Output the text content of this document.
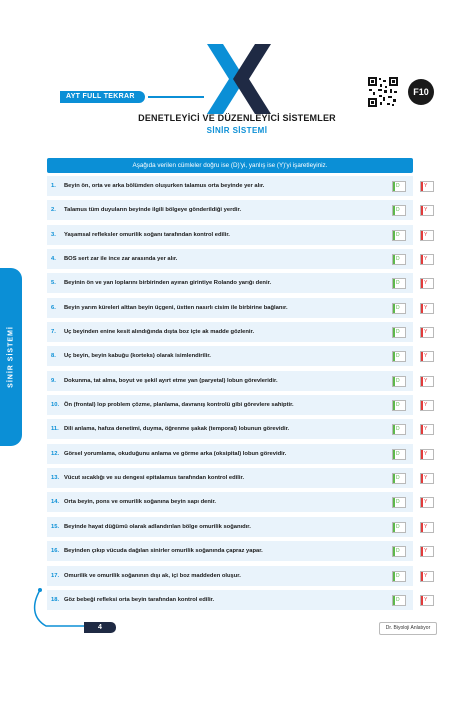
AYT FULL TEKRAR	F10
DENETLEYİCİ VE DÜZENLEYİCİ SİSTEMLER
SİNİR SİSTEMİ
SİNİR SİSTEMİ
Aşağıda verilen cümleler doğru ise (D)'yi, yanlış ise (Y)'yi işaretleyiniz.
1. Beyin ön, orta ve arka bölümden oluşurken talamus orta beyinde yer alır.	D	Y
2. Talamus tüm duyuların beyinde ilgili bölgeye gönderildiği yerdir.	D	Y
3. Yaşamsal refleksler omurilik soğanı tarafından kontrol edilir.	D	Y
4. BOS sert zar ile ince zar arasında yer alır.	D	Y
5. Beyinin ön ve yan loplarını birbirinden ayıran girintiye Rolando yarığı denir.	D	Y
6. Beyin yarım küreleri alttan beyin üçgeni, üstten nasırlı cisim ile birbirine bağlanır.	D	Y
7. Uç beyinden enine kesit alındığında dışta boz içte ak madde gözlenir.	D	Y
8. Uç beyin, beyin kabuğu (korteks) olarak isimlendirilir.	D	Y
9. Dokunma, tat alma, boyut ve şekil ayırt etme yan (paryetal) lobun görevleridir.	D	Y
10. Ön (frontal) lop problem çözme, planlama, davranış kontrolü gibi görevlere sahiptir.	D	Y
11. Dili anlama, hafıza denetimi, duyma, öğrenme şakak (temporal) lobunun görevidir.	D	Y
12. Görsel yorumlama, okuduğunu anlama ve görme arka (oksipital) lobun görevidir.	D	Y
13. Vücut sıcaklığı ve su dengesi epitalamus tarafından kontrol edilir.	D	Y
14. Orta beyin, pons ve omurilik soğanına beyin sapı denir.	D	Y
15. Beyinde hayat düğümü olarak adlandırılan bölge omurilik soğanıdır.	D	Y
16. Beyinden çıkıp vücuda dağılan sinirler omurilik soğanında çapraz yapar.	D	Y
17. Omurilik ve omurilik soğanının dışı ak, içi boz maddeden oluşur.	D	Y
18. Göz bebeği refleksi orta beyin tarafından kontrol edilir.	D	Y
4	Dr. Biyoloji Anlatıyor
